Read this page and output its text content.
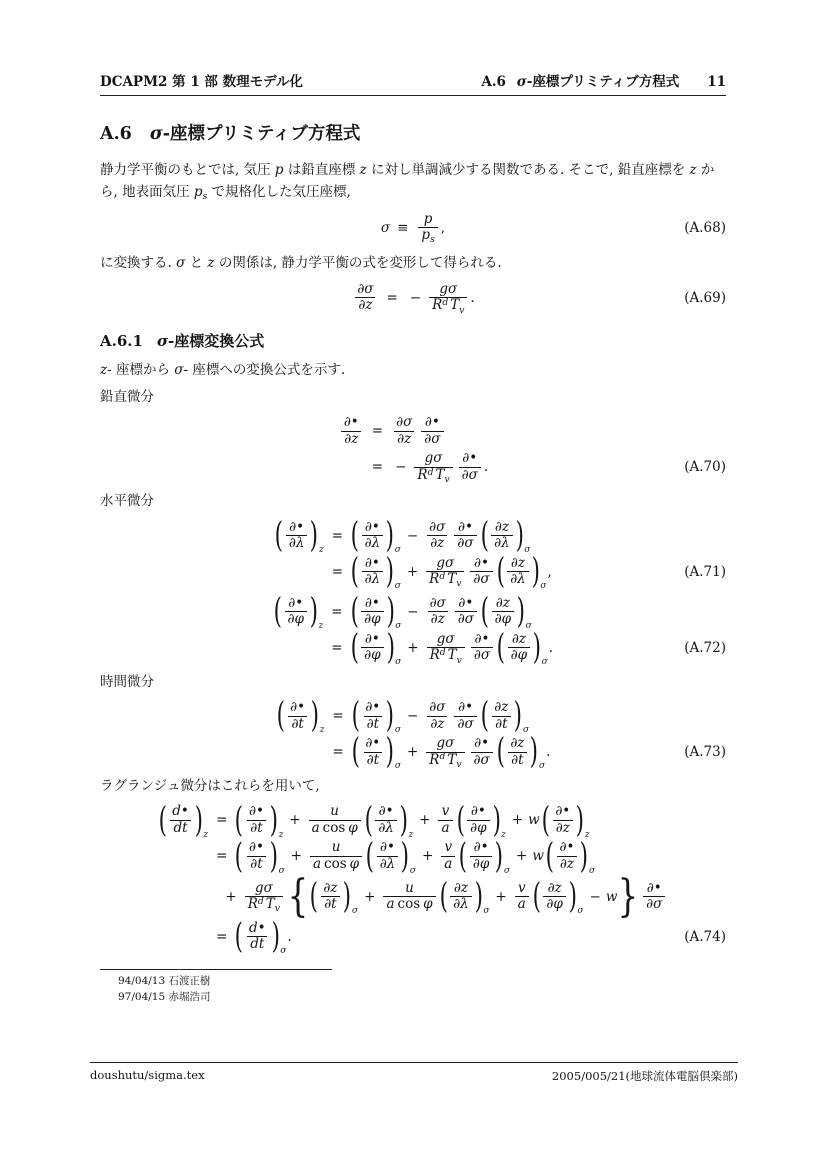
DCAPM2 第 1 部 数理モデル化	A.6 σ-座標プリミティブ方程式 11
A.6 σ-座標プリミティブ方程式

静力学平衡のもとでは, 気圧 p は鉛直座標 z に対し単調減少する関数である. そこで, 鉛直座標を z から, 地表面気圧 $p_s$ で規格化した気圧座標,

σ ≡
p
$p_s$
,	(A.68)

に変換する. σ と z の関係は, 静力学平衡の式を変形して得られる.

∂σ
∂z	= −
gσ
$R^d$ $T_v$
.	(A.69)
A.6.1 σ-座標変換公式

z- 座標から σ- 座標への変換公式を示す.

鉛直微分

∂•
∂z =
∂σ
∂z
∂•
∂σ
= −
gσ
$R^d$ $T_v$
∂•
∂σ .	(A.70)

水平微分

( ∂•
∂λ ) z
= ( ∂•
∂λ ) σ
− $\frac{\partial\sigma}{\partial z}$ ∂•
∂σ ( ∂z
∂λ ) σ
= ( ∂•
∂λ ) σ
+
gσ
$R^d$ $T_v$
∂•
∂σ ( ∂z
∂λ ) σ
,	(A.71)
( ∂•
∂φ ) z
= ( ∂•
∂φ ) σ
− $\frac{\partial\sigma}{\partial z}$ ∂•
∂σ ( ∂z
∂φ ) σ
= ( ∂•
∂φ ) σ
+
gσ
$R^d$ $T_v$
∂•
∂σ ( ∂z
∂φ ) σ
.	(A.72)

時間微分

( ∂•
∂t ) z
= ( ∂•
∂t ) σ
− $\frac{\partial\sigma}{\partial z}$ ∂•
∂σ ( ∂z
∂t ) σ
= ( ∂•
∂t ) σ
+
gσ
$R^d$ $T_v$
∂•
∂σ ( ∂z
∂t ) σ
.	(A.73)

ラグランジュ微分はこれらを用いて,

( d•
dt ) z
= ( ∂•
∂t ) z
+ $\frac{u}{\text{a cos φ}}$ ( ∂•
∂λ ) z
+ $\frac{v}{a}$ ( ∂•
∂φ ) z
+ w ( ∂•
∂z ) z
= ( ∂•
∂t ) σ
+ $\frac{u}{\text{a cos φ}}$ ( ∂•
∂λ ) σ
+ $\frac{v}{a}$ ( ∂•
∂φ ) σ
+ w ( ∂•
∂z ) σ
+
gσ
$R^d$ $T_v$ { ( ∂z
∂t ) σ
+ $\frac{u}{\text{a cos φ}}$ ( ∂z
∂λ ) σ
+ $\frac{v}{a}$ ( ∂z
∂φ ) σ
− w } ∂•
∂σ
= ( d•
dt ) σ
.	(A.74)
94/04/13 石渡正樹
97/04/15 赤堀浩司
doushutu/sigma.tex	2005/005/21(地球流体電脳倶楽部)
